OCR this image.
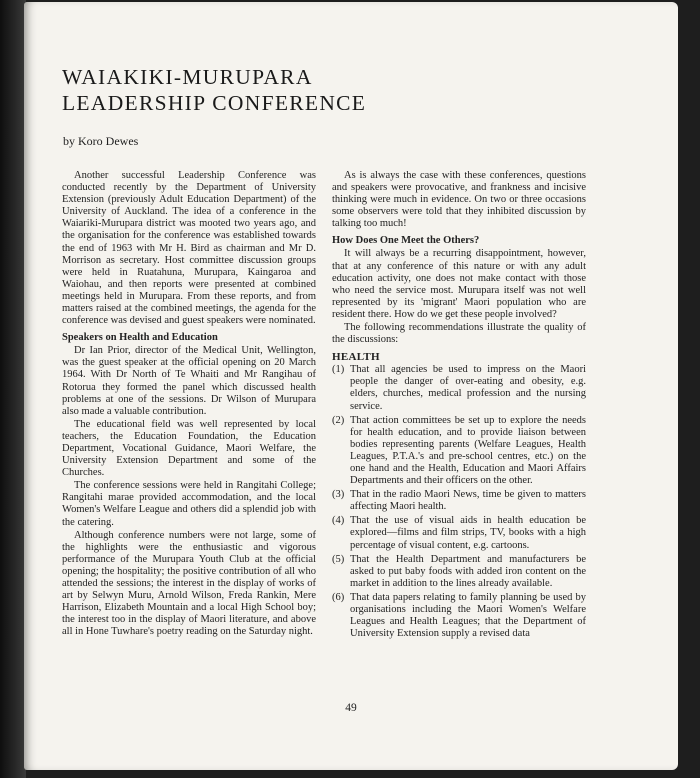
WAIAKIKI-MURUPARA
LEADERSHIP CONFERENCE
by Koro Dewes

Another successful Leadership Conference was conducted recently by the Department of University Extension (previously Adult Education Department) of the University of Auckland. The idea of a conference in the Waiariki-Murupara district was mooted two years ago, and the organisation for the conference was established towards the end of 1963 with Mr H. Bird as chairman and Mr D. Morrison as secretary. Host committee discussion groups were held in Ruatahuna, Murupara, Kaingaroa and Waiohau, and then reports were presented at combined meetings held in Murupara. From these reports, and from matters raised at the combined meetings, the agenda for the conference was devised and guest speakers were nominated.

Speakers on Health and Education

Dr Ian Prior, director of the Medical Unit, Wellington, was the guest speaker at the official opening on 20 March 1964. With Dr North of Te Whaiti and Mr Rangihau of Rotorua they formed the panel which discussed health problems at one of the sessions. Dr Wilson of Murupara also made a valuable contribution.

The educational field was well represented by local teachers, the Education Foundation, the Education Department, Vocational Guidance, Maori Welfare, the University Extension Department and some of the Churches.

The conference sessions were held in Rangitahi College; Rangitahi marae provided accommodation, and the local Women's Welfare League and others did a splendid job with the catering.

Although conference numbers were not large, some of the highlights were the enthusiastic and vigorous performance of the Murupara Youth Club at the official opening; the hospitality; the positive contribution of all who attended the sessions; the interest in the display of works of art by Selwyn Muru, Arnold Wilson, Freda Rankin, Mere Harrison, Elizabeth Mountain and a local High School boy; the interest too in the display of Maori literature, and above all in Hone Tuwhare's poetry reading on the Saturday night.

As is always the case with these conferences, questions and speakers were provocative, and frankness and incisive thinking were much in evidence. On two or three occasions some observers were told that they inhibited discussion by talking too much!

How Does One Meet the Others?

It will always be a recurring disappointment, however, that at any conference of this nature or with any adult education activity, one does not make contact with those who need the service most. Murupara itself was not well represented by its 'migrant' Maori population who are resident there. How do we get these people involved?

The following recommendations illustrate the quality of the discussions:

HEALTH
(1) That all agencies be used to impress on the Maori people the danger of over-eating and obesity, e.g. elders, churches, medical profession and the nursing service.
(2) That action committees be set up to explore the needs for health education, and to provide liaison between bodies representing parents (Welfare Leagues, Health Leagues, P.T.A.'s and pre-school centres, etc.) on the one hand and the Health, Education and Maori Affairs Departments and their officers on the other.
(3) That in the radio Maori News, time be given to matters affecting Maori health.
(4) That the use of visual aids in health education be explored—films and film strips, TV, books with a high percentage of visual content, e.g. cartoons.
(5) That the Health Department and manufacturers be asked to put baby foods with added iron content on the market in addition to the lines already available.
(6) That data papers relating to family planning be used by organisations including the Maori Women's Welfare Leagues and Health Leagues; that the Department of University Extension supply a revised data
49
